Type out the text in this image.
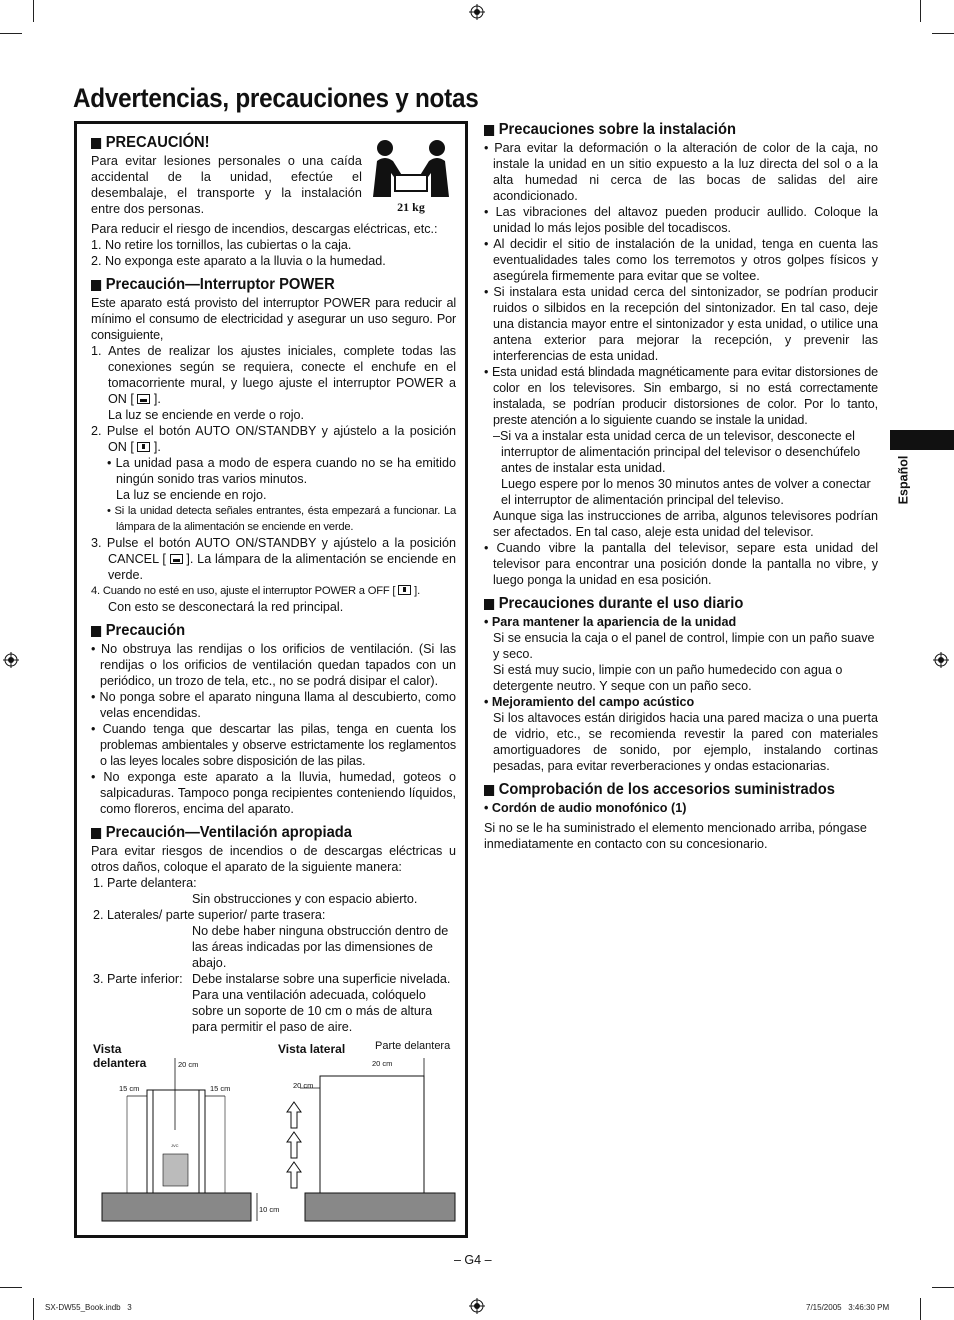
Advertencias, precauciones y notas
PRECAUCIÓN!

Para evitar lesiones personales o una caída accidental de la unidad, efectúe el desembalaje, el transporte y la instalación entre dos personas.	21 kg

Para reducir el riesgo de incendios, descargas eléctricas, etc.:

1. No retire los tornillos, las cubiertas o la caja.

2. No exponga este aparato a la lluvia o la humedad.

Precaución—Interruptor POWER

Este aparato está provisto del interruptor POWER para reducir al mínimo el consumo de electricidad y asegurar un uso seguro. Por consiguiente,

1. Antes de realizar los ajustes iniciales, complete todas las conexiones según se requiera, conecte el enchufe en el tomacorriente mural, y luego ajuste el interruptor POWER a ON [ ].

La luz se enciende en verde o rojo.

2. Pulse el botón AUTO ON/STANDBY y ajústelo a la posición ON [ ].

• La unidad pasa a modo de espera cuando no se ha emitido ningún sonido tras varios minutos.

La luz se enciende en rojo.

• Si la unidad detecta señales entrantes, ésta empezará a funcionar. La lámpara de la alimentación se enciende en verde.

3. Pulse el botón AUTO ON/STANDBY y ajústelo a la posición CANCEL [ ]. La lámpara de la alimentación se enciende en verde.

4. Cuando no esté en uso, ajuste el interruptor POWER a OFF [ ].

Con esto se desconectará la red principal.

Precaución

• No obstruya las rendijas o los orificios de ventilación. (Si las rendijas o los orificios de ventilación quedan tapados con un periódico, un trozo de tela, etc., no se podrá disipar el calor).

• No ponga sobre el aparato ninguna llama al descubierto, como velas encendidas.

• Cuando tenga que descartar las pilas, tenga en cuenta los problemas ambientales y observe estrictamente los reglamentos o las leyes locales sobre disposición de las pilas.

• No exponga este aparato a la lluvia, humedad, goteos o salpicaduras. Tampoco ponga recipientes conteniendo líquidos, como floreros, encima del aparato.

Precaución—Ventilación apropiada

Para evitar riesgos de incendios o de descargas eléctricas u otros daños, coloque el aparato de la siguiente manera:

1. Parte delantera:

Sin obstrucciones y con espacio abierto.

2. Laterales/ parte superior/ parte trasera:

No debe haber ninguna obstrucción dentro de las áreas indicadas por las dimensiones de abajo.

3. Parte inferior: Debe instalarse sobre una superficie nivelada. Para una ventilación adecuada, colóquelo sobre un soporte de 10 cm o más de altura para permitir el paso de aire.
Vista delantera
Vista lateral	Parte delantera
20 cm
15 cm	15 cm	20 cm
20 cm
10 cm
JVC
Precauciones sobre la instalación

• Para evitar la deformación o la alteración de color de la caja, no instale la unidad en un sitio expuesto a la luz directa del sol o a la alta humedad ni cerca de las bocas de salidas del aire acondicionado.

• Las vibraciones del altavoz pueden producir aullido. Coloque la unidad lo más lejos posible del tocadiscos.

• Al decidir el sitio de instalación de la unidad, tenga en cuenta las eventualidades tales como los terremotos y otros golpes físicos y asegúrela firmemente para evitar que se voltee.

• Si instalara esta unidad cerca del sintonizador, se podrían producir ruidos o silbidos en la recepción del sintonizador. En tal caso, deje una distancia mayor entre el sintonizador y esta unidad, o utilice una antena exterior para mejorar la recepción, y prevenir las interferencias de esta unidad.

• Esta unidad está blindada magnéticamente para evitar distorsiones de color en los televisores. Sin embargo, si no está correctamente instalada, se podrían producir distorsiones de color. Por lo tanto, preste atención a lo siguiente cuando se instale la unidad.

–Si va a instalar esta unidad cerca de un televisor, desconecte el interruptor de alimentación principal del televisor o desenchúfelo antes de instalar esta unidad.

Luego espere por lo menos 30 minutos antes de volver a conectar el interruptor de alimentación principal del televiso.

Aunque siga las instrucciones de arriba, algunos televisores podrían ser afectados. En tal caso, aleje esta unidad del televisor.

• Cuando vibre la pantalla del televisor, separe esta unidad del televisor para encontrar una posición donde la pantalla no vibre, y luego ponga la unidad en esa posición.

Precauciones durante el uso diario

• Para mantener la apariencia de la unidad

Si se ensucia la caja o el panel de control, limpie con un paño suave y seco.

Si está muy sucio, limpie con un paño humedecido con agua o detergente neutro. Y seque con un paño seco.

• Mejoramiento del campo acústico

Si los altavoces están dirigidos hacia una pared maciza o una puerta de vidrio, etc., se recomienda revestir la pared con materiales amortiguadores de sonido, por ejemplo, instalando cortinas pesadas, para evitar reverberaciones y ondas estacionarias.

Comprobación de los accesorios suministrados

• Cordón de audio monofónico (1)

Si no se le ha suministrado el elemento mencionado arriba, póngase inmediatamente en contacto con su concesionario.

Español
– G4 –
SX-DW55_Book.indb   3	7/15/2005   3:46:30 PM
